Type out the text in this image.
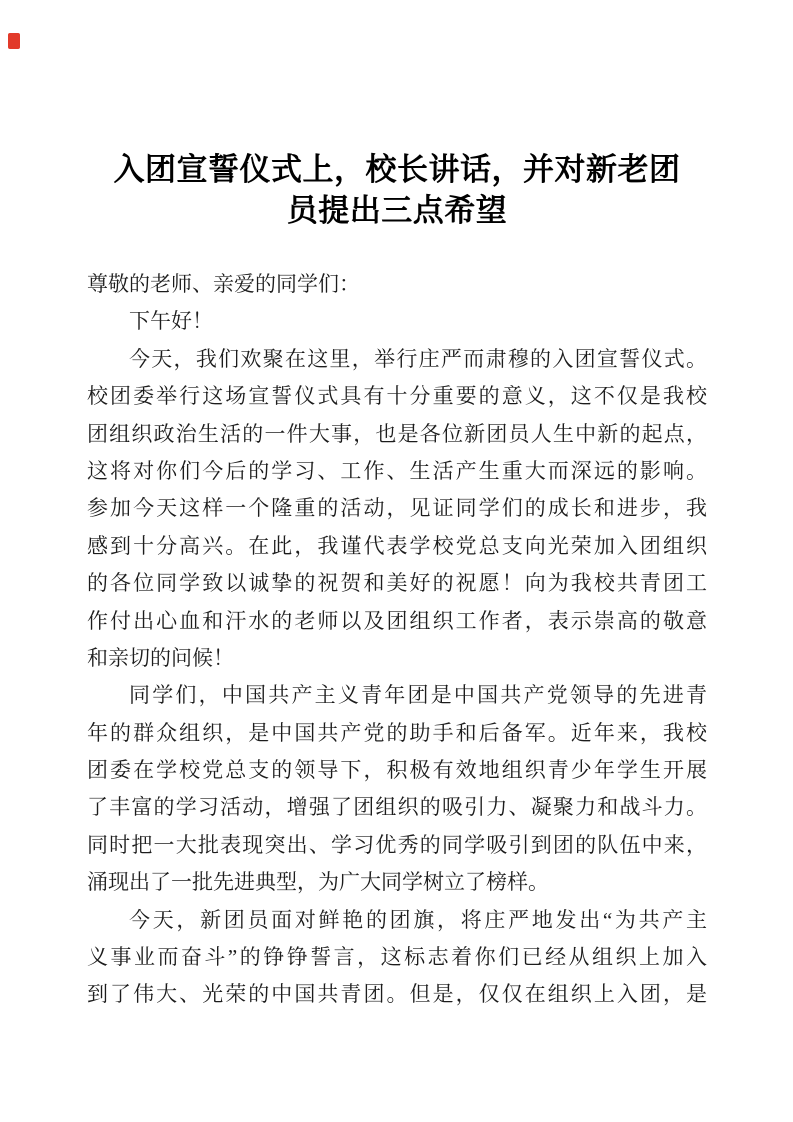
入团宣誓仪式上，校长讲话，并对新老团
员提出三点希望
尊敬的老师、亲爱的同学们：
下午好！
今天，我们欢聚在这里，举行庄严而肃穆的入团宣誓仪式。
校团委举行这场宣誓仪式具有十分重要的意义，这不仅是我校
团组织政治生活的一件大事，也是各位新团员人生中新的起点，
这将对你们今后的学习、工作、生活产生重大而深远的影响。
参加今天这样一个隆重的活动，见证同学们的成长和进步，我
感到十分高兴。在此，我谨代表学校党总支向光荣加入团组织
的各位同学致以诚挚的祝贺和美好的祝愿！向为我校共青团工
作付出心血和汗水的老师以及团组织工作者，表示崇高的敬意
和亲切的问候！
同学们，中国共产主义青年团是中国共产党领导的先进青
年的群众组织，是中国共产党的助手和后备军。近年来，我校
团委在学校党总支的领导下，积极有效地组织青少年学生开展
了丰富的学习活动，增强了团组织的吸引力、凝聚力和战斗力。
同时把一大批表现突出、学习优秀的同学吸引到团的队伍中来，
涌现出了一批先进典型，为广大同学树立了榜样。
今天，新团员面对鲜艳的团旗，将庄严地发出“为共产主
义事业而奋斗”的铮铮誓言，这标志着你们已经从组织上加入
到了伟大、光荣的中国共青团。但是，仅仅在组织上入团，是
